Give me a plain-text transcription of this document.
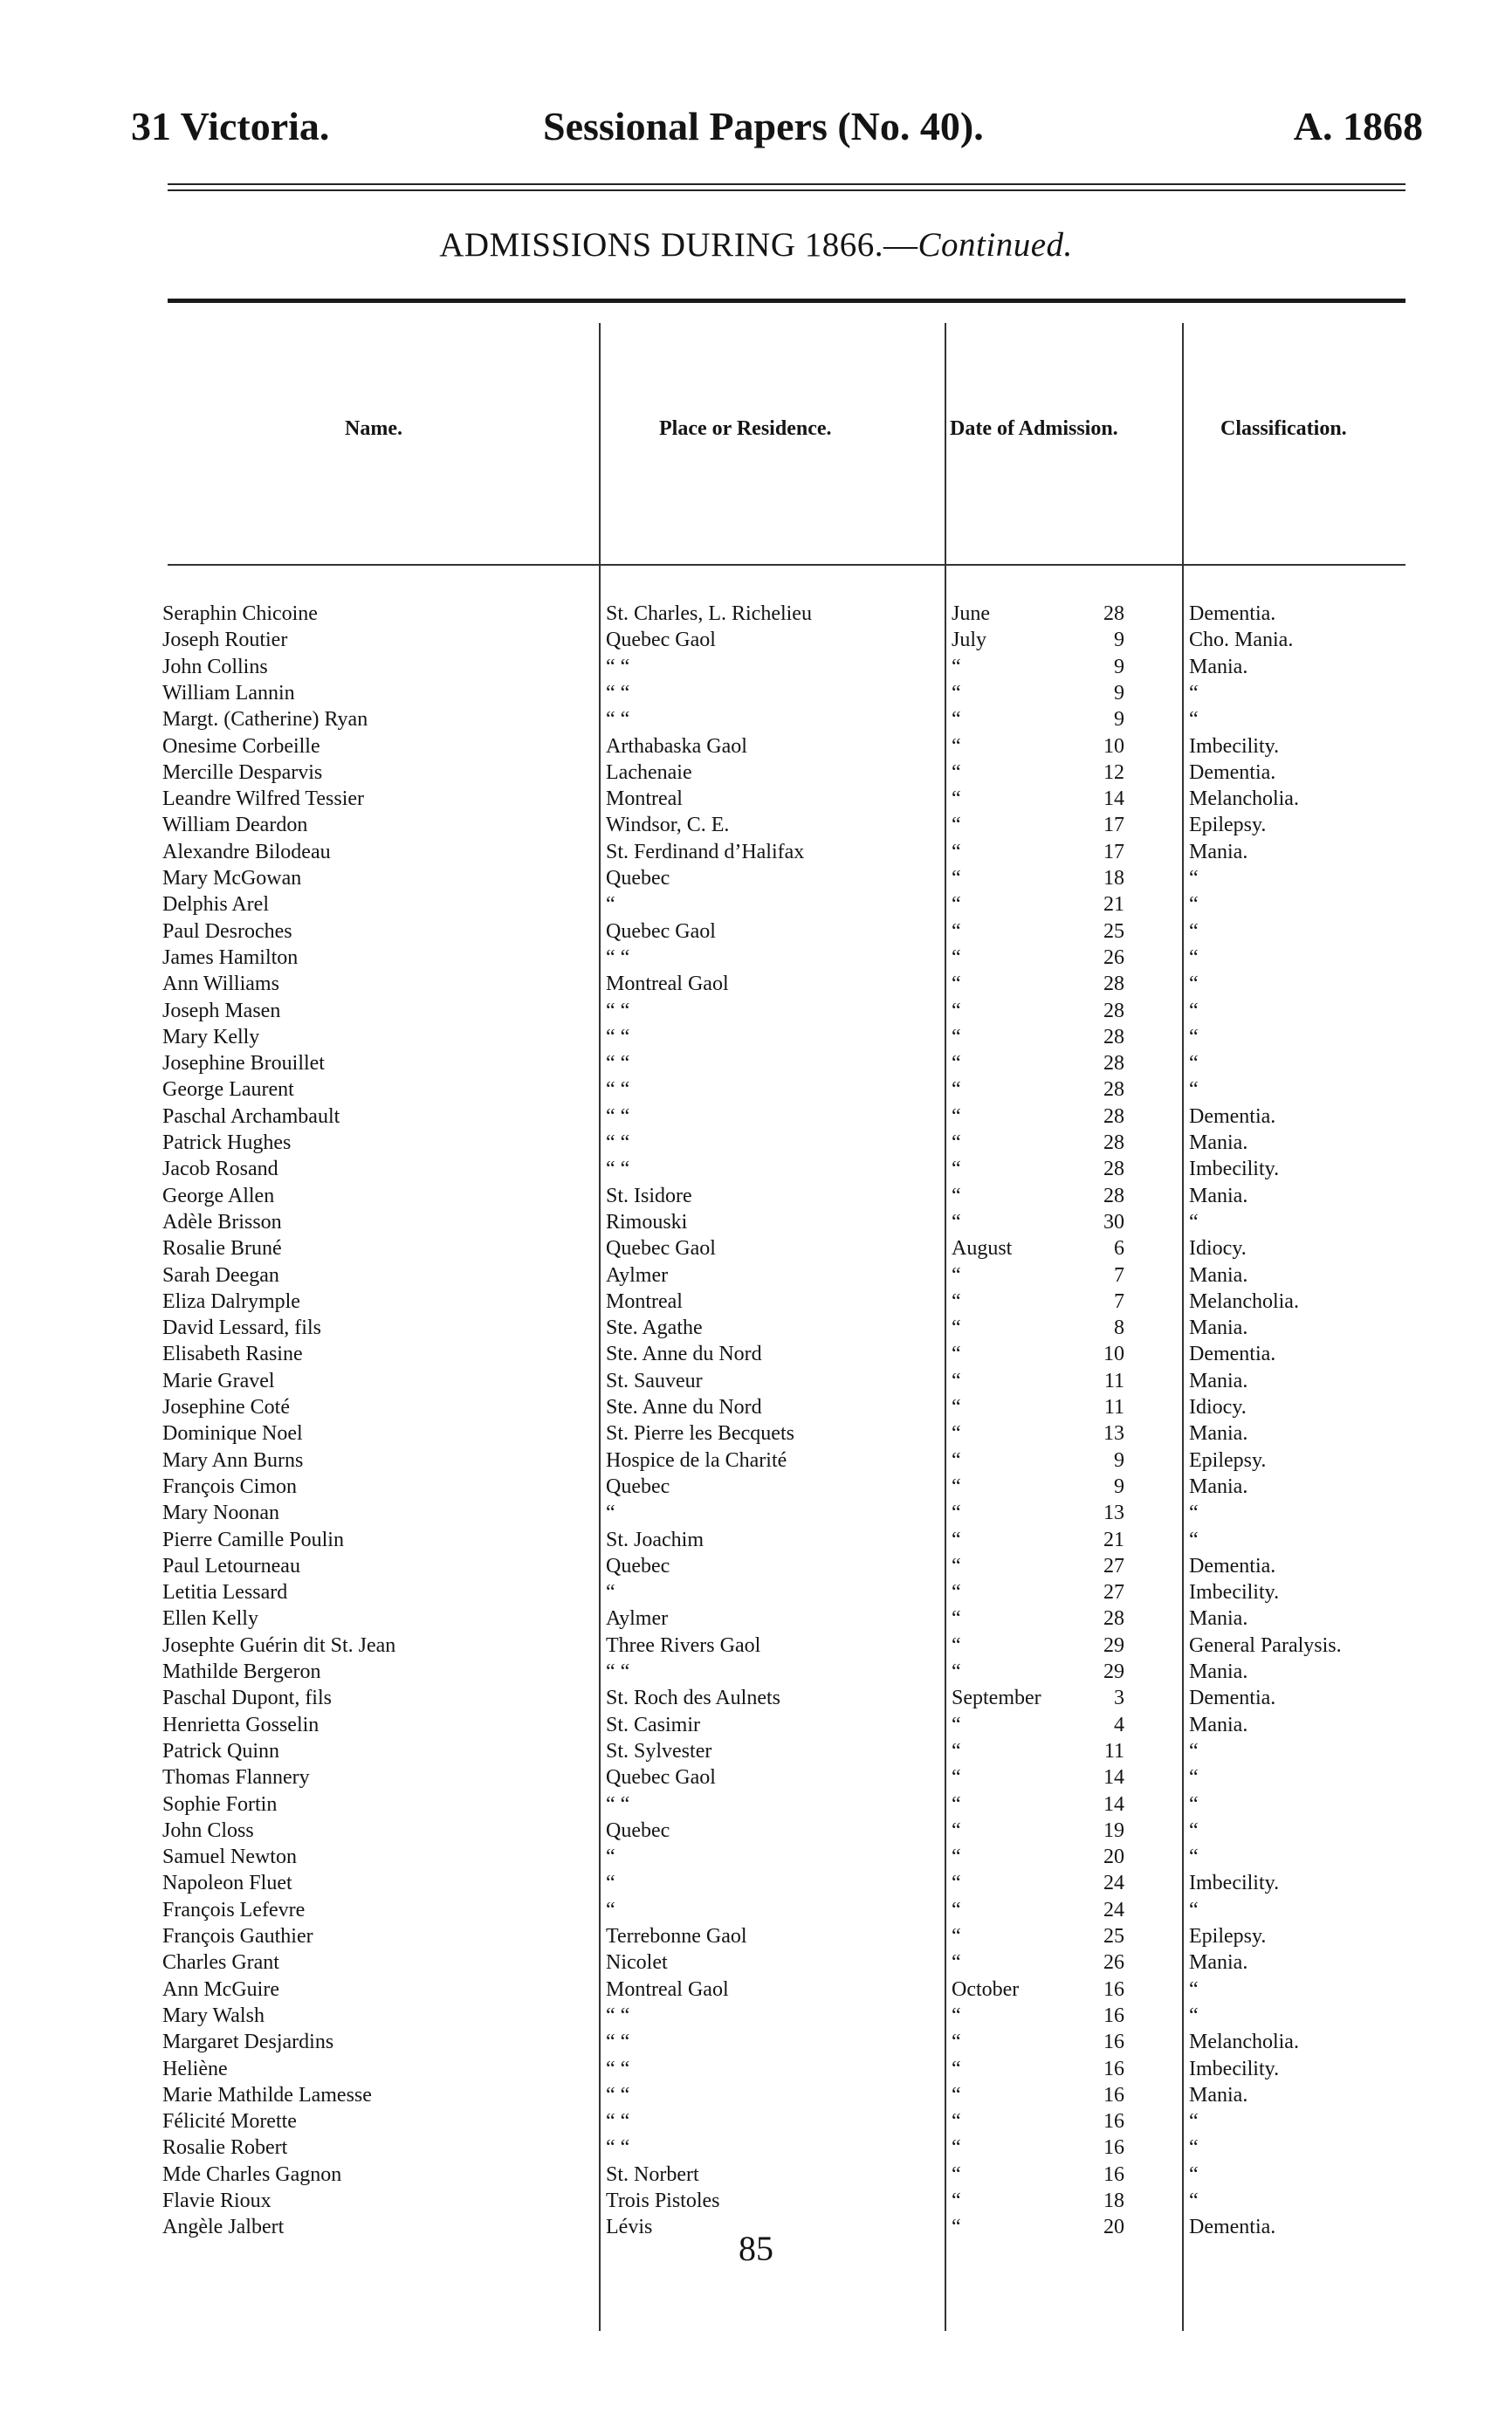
31 Victoria.	Sessional Papers (No. 40).	A. 1868
ADMISSIONS DURING 1866.—Continued.
Name.	Place or Residence.	Date of Admission.	Classification.
Seraphin Chicoine	St. Charles, L. Richelieu	June	28	Dementia.
Joseph Routier	Quebec Gaol	July	9	Cho. Mania.
John Collins	“ “	“	9	Mania.
William Lannin	“ “	“	9	“
Margt. (Catherine) Ryan	“ “	“	9	“
Onesime Corbeille	Arthabaska Gaol	“	10	Imbecility.
Mercille Desparvis	Lachenaie	“	12	Dementia.
Leandre Wilfred Tessier	Montreal	“	14	Melancholia.
William Deardon	Windsor, C. E.	“	17	Epilepsy.
Alexandre Bilodeau	St. Ferdinand d’Halifax	“	17	Mania.
Mary McGowan	Quebec	“	18	“
Delphis Arel	“	“	21	“
Paul Desroches	Quebec Gaol	“	25	“
James Hamilton	“ “	“	26	“
Ann Williams	Montreal Gaol	“	28	“
Joseph Masen	“ “	“	28	“
Mary Kelly	“ “	“	28	“
Josephine Brouillet	“ “	“	28	“
George Laurent	“ “	“	28	“
Paschal Archambault	“ “	“	28	Dementia.
Patrick Hughes	“ “	“	28	Mania.
Jacob Rosand	“ “	“	28	Imbecility.
George Allen	St. Isidore	“	28	Mania.
Adèle Brisson	Rimouski	“	30	“
Rosalie Bruné	Quebec Gaol	August	6	Idiocy.
Sarah Deegan	Aylmer	“	7	Mania.
Eliza Dalrymple	Montreal	“	7	Melancholia.
David Lessard, fils	Ste. Agathe	“	8	Mania.
Elisabeth Rasine	Ste. Anne du Nord	“	10	Dementia.
Marie Gravel	St. Sauveur	“	11	Mania.
Josephine Coté	Ste. Anne du Nord	“	11	Idiocy.
Dominique Noel	St. Pierre les Becquets	“	13	Mania.
Mary Ann Burns	Hospice de la Charité	“	9	Epilepsy.
François Cimon	Quebec	“	9	Mania.
Mary Noonan	“	“	13	“
Pierre Camille Poulin	St. Joachim	“	21	“
Paul Letourneau	Quebec	“	27	Dementia.
Letitia Lessard	“	“	27	Imbecility.
Ellen Kelly	Aylmer	“	28	Mania.
Josephte Guérin dit St. Jean	Three Rivers Gaol	“	29	General Paralysis.
Mathilde Bergeron	“ “	“	29	Mania.
Paschal Dupont, fils	St. Roch des Aulnets	September	3	Dementia.
Henrietta Gosselin	St. Casimir	“	4	Mania.
Patrick Quinn	St. Sylvester	“	11	“
Thomas Flannery	Quebec Gaol	“	14	“
Sophie Fortin	“ “	“	14	“
John Closs	Quebec	“	19	“
Samuel Newton	“	“	20	“
Napoleon Fluet	“	“	24	Imbecility.
François Lefevre	“	“	24	“
François Gauthier	Terrebonne Gaol	“	25	Epilepsy.
Charles Grant	Nicolet	“	26	Mania.
Ann McGuire	Montreal Gaol	October	16	“
Mary Walsh	“ “	“	16	“
Margaret Desjardins	“ “	“	16	Melancholia.
Heliène	“ “	“	16	Imbecility.
Marie Mathilde Lamesse	“ “	“	16	Mania.
Félicité Morette	“ “	“	16	“
Rosalie Robert	“ “	“	16	“
Mde Charles Gagnon	St. Norbert	“	16	“
Flavie Rioux	Trois Pistoles	“	18	“
Angèle Jalbert	Lévis	“	20	Dementia.
85
